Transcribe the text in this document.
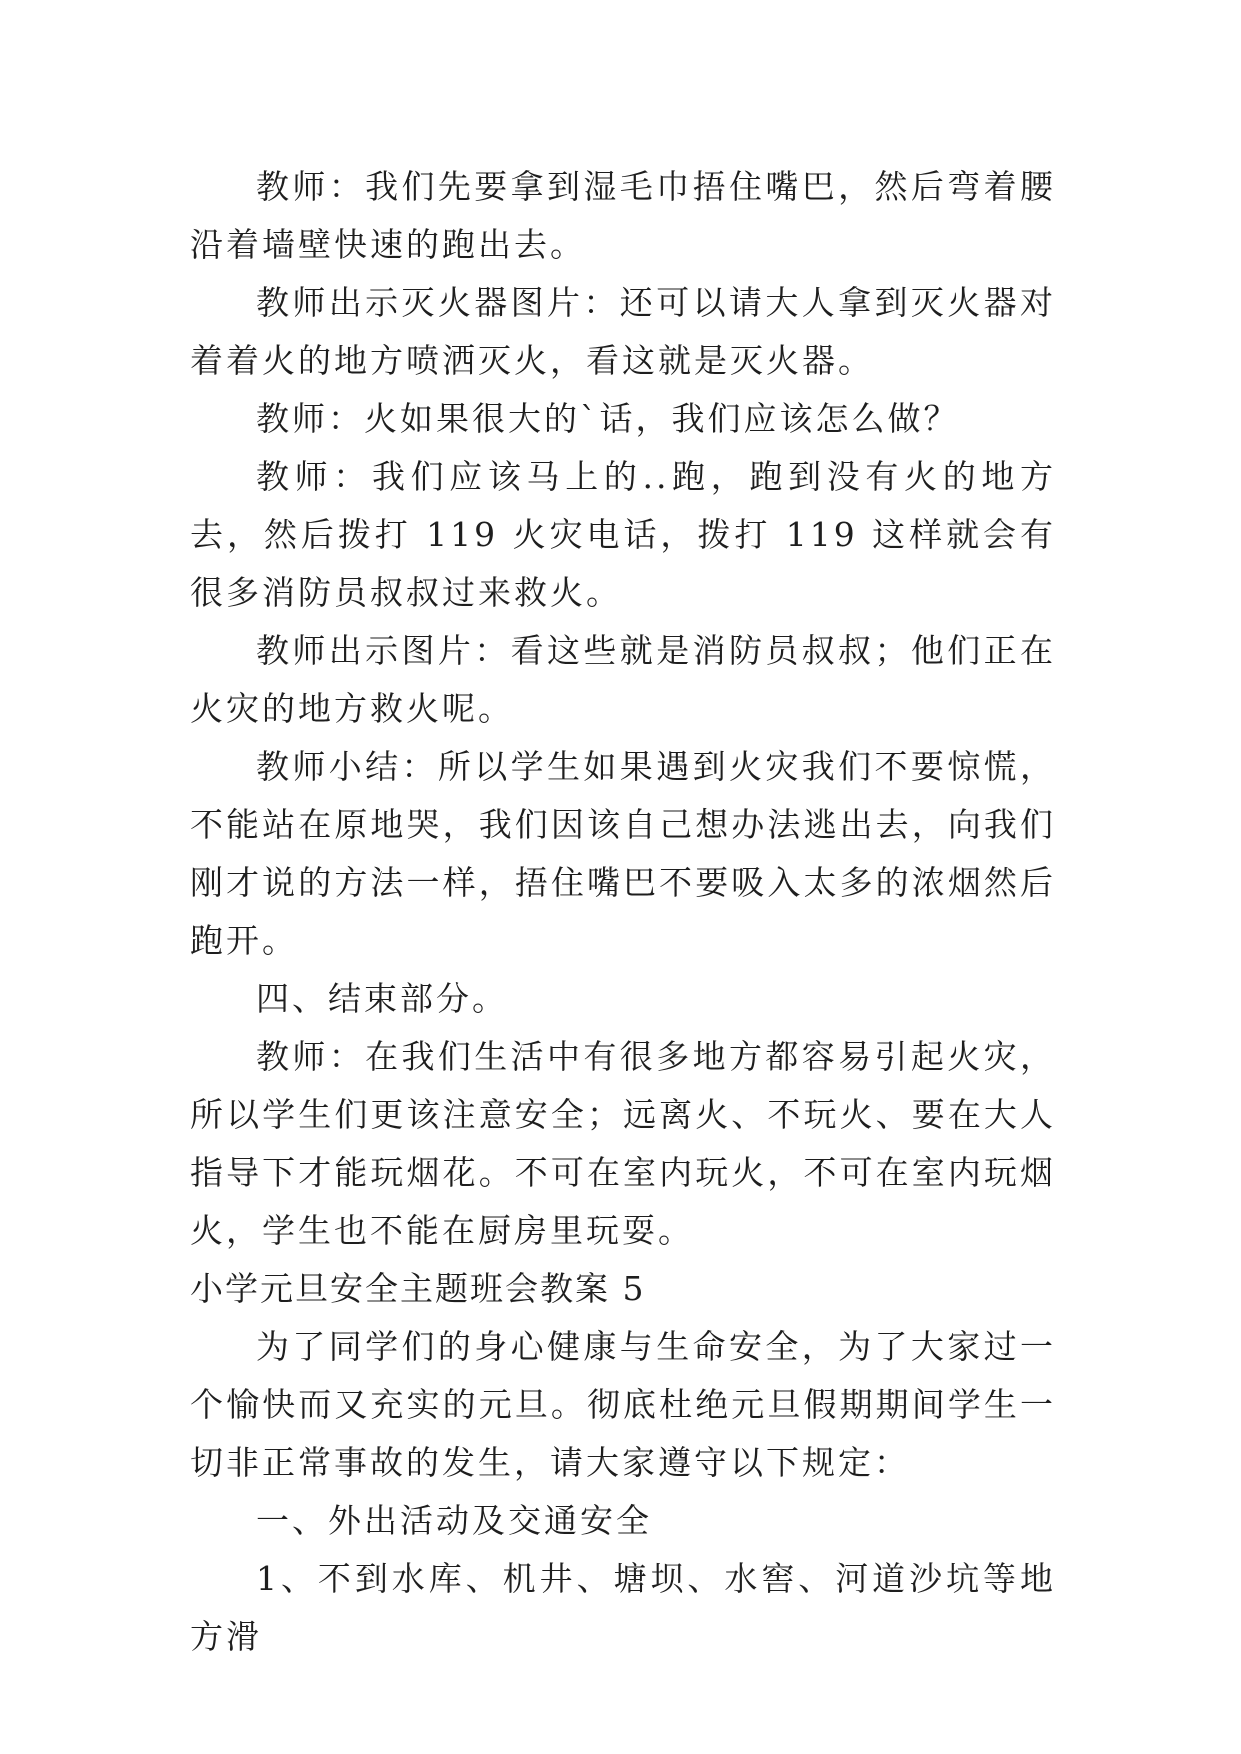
教师：我们先要拿到湿毛巾捂住嘴巴，然后弯着腰沿着墙壁快速的跑出去。

教师出示灭火器图片：还可以请大人拿到灭火器对着着火的地方喷洒灭火，看这就是灭火器。

教师：火如果很大的`话，我们应该怎么做？

教师：我们应该马上的..跑，跑到没有火的地方去，然后拨打 119 火灾电话，拨打 119 这样就会有很多消防员叔叔过来救火。

教师出示图片：看这些就是消防员叔叔；他们正在火灾的地方救火呢。

教师小结：所以学生如果遇到火灾我们不要惊慌，不能站在原地哭，我们因该自己想办法逃出去，向我们刚才说的方法一样，捂住嘴巴不要吸入太多的浓烟然后跑开。

四、结束部分。

教师：在我们生活中有很多地方都容易引起火灾，所以学生们更该注意安全；远离火、不玩火、要在大人指导下才能玩烟花。不可在室内玩火，不可在室内玩烟火，学生也不能在厨房里玩耍。

小学元旦安全主题班会教案 5

为了同学们的身心健康与生命安全，为了大家过一个愉快而又充实的元旦。彻底杜绝元旦假期期间学生一切非正常事故的发生，请大家遵守以下规定：

一、外出活动及交通安全

1、不到水库、机井、塘坝、水窖、河道沙坑等地方滑
